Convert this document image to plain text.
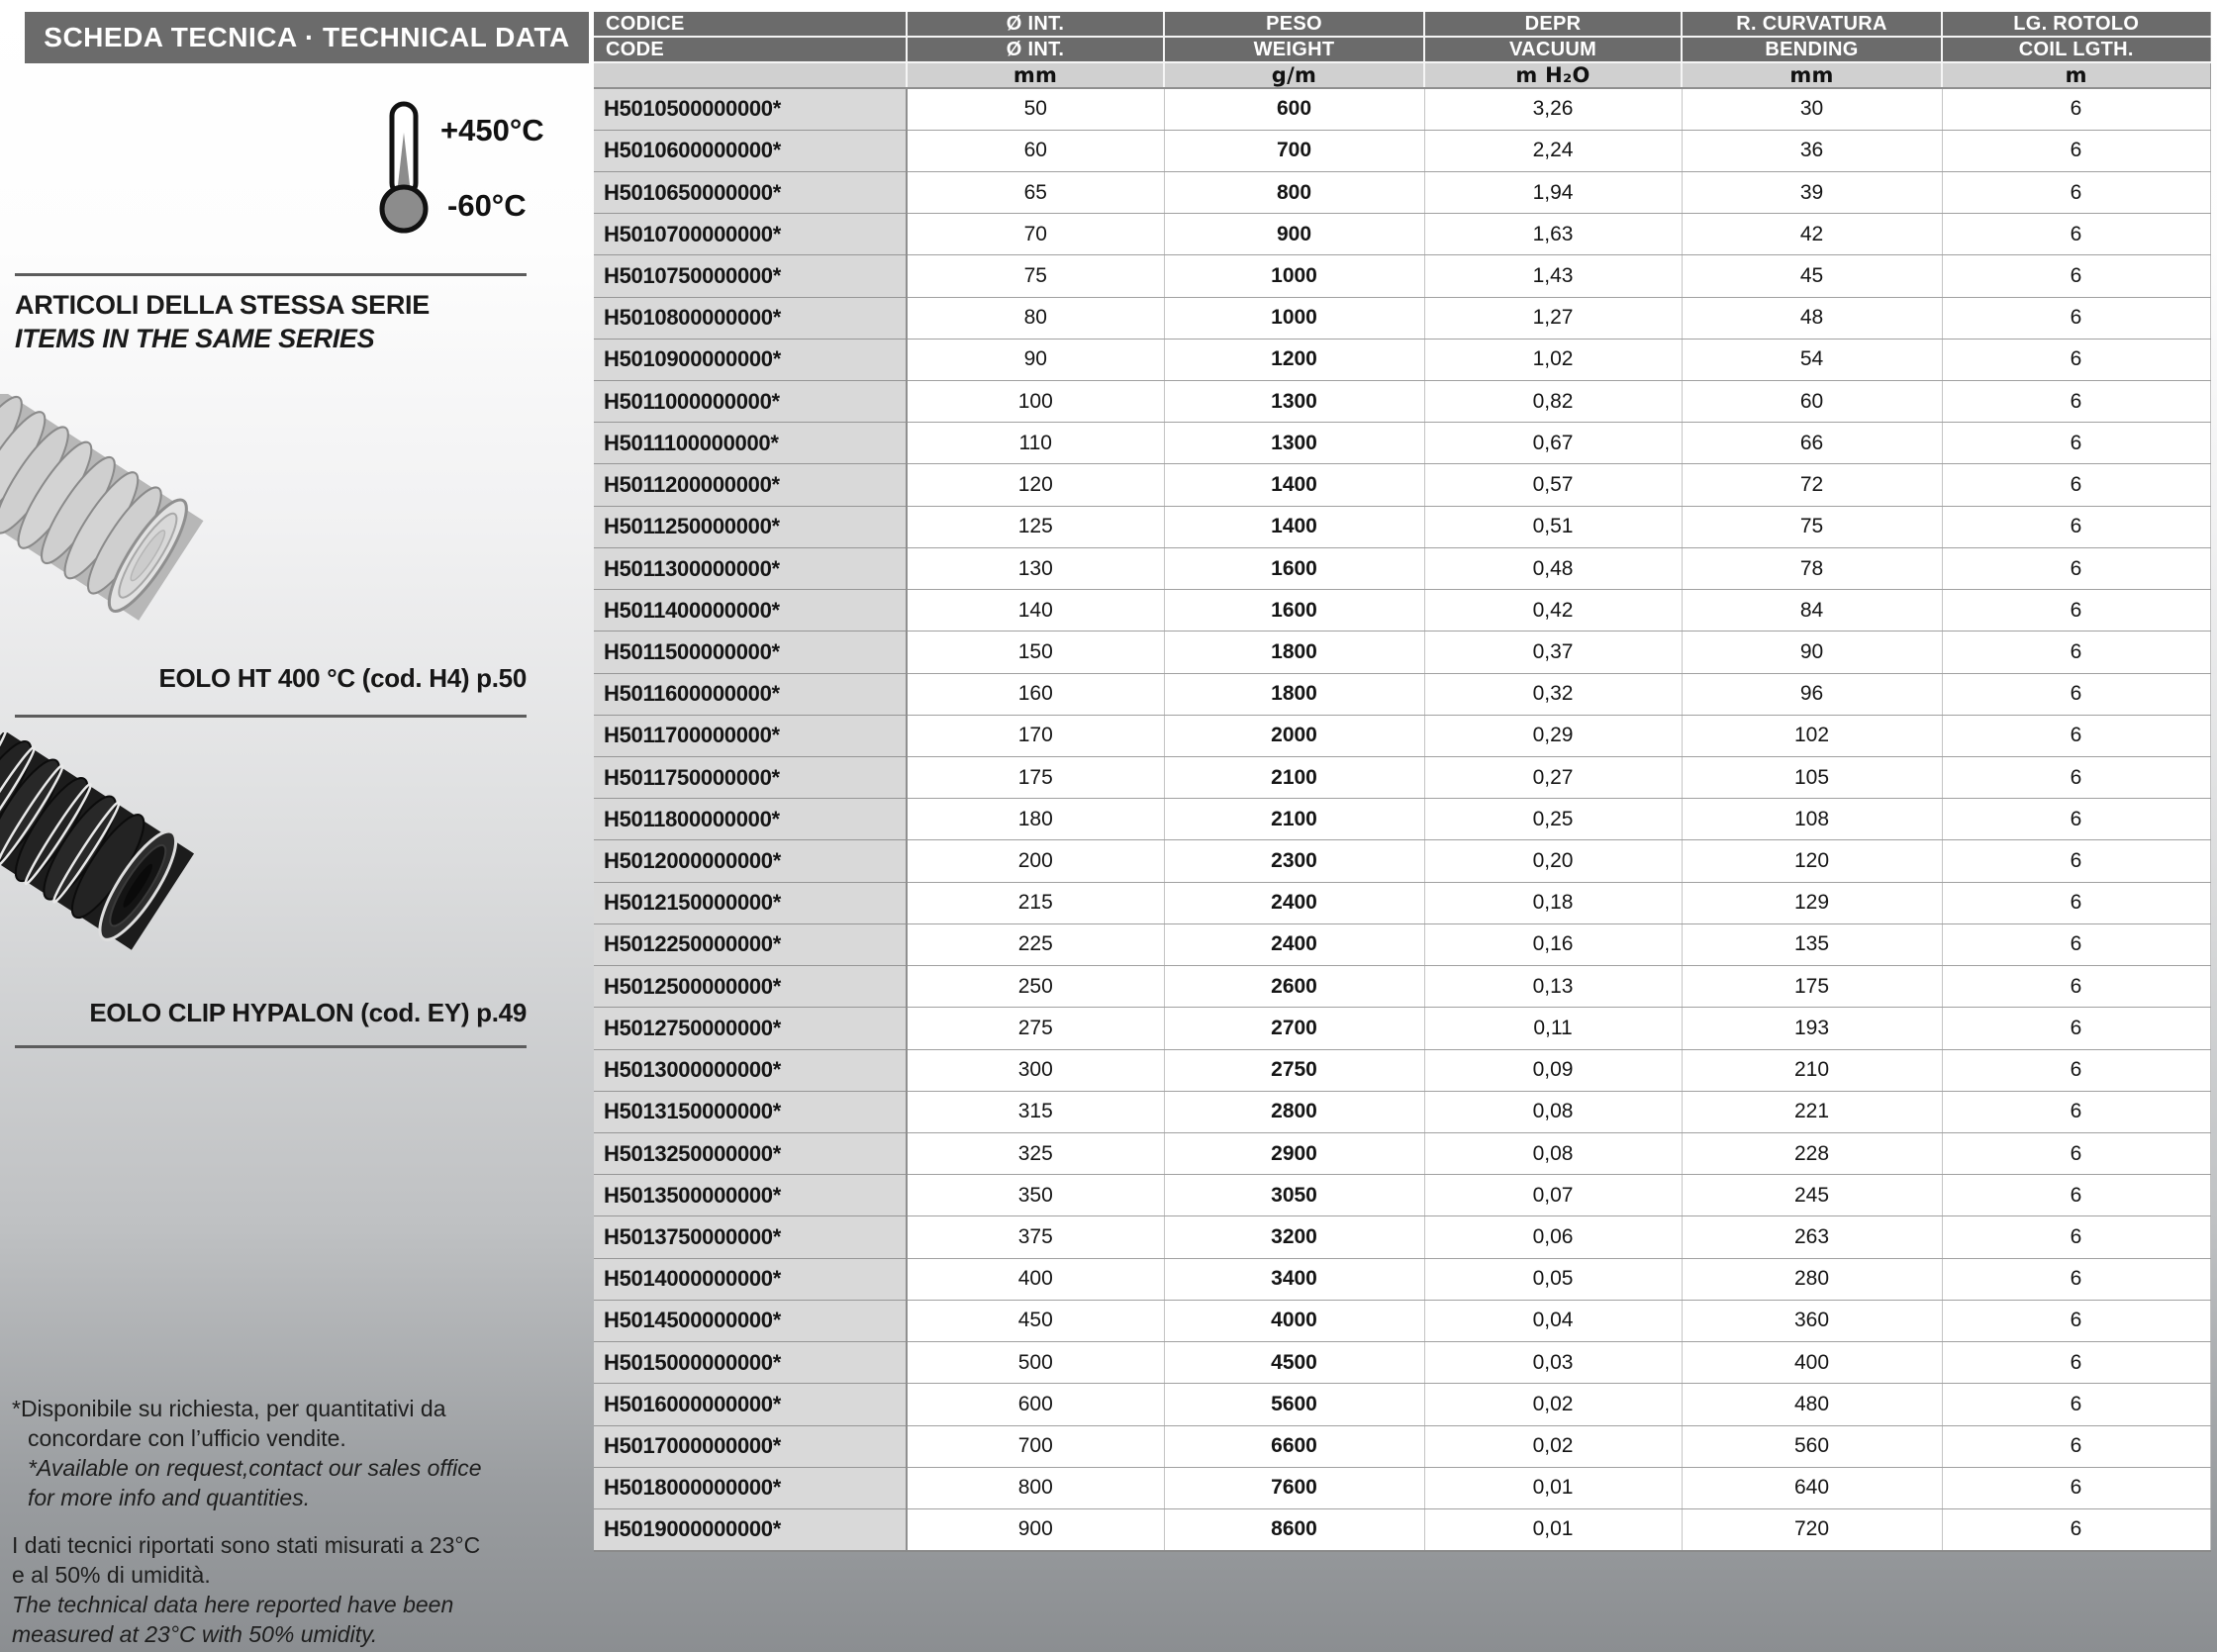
SCHEDA TECNICA · TECHNICAL DATA
+450°C
-60°C
ARTICOLI DELLA STESSA SERIE
ITEMS IN THE SAME SERIES
EOLO HT 400 °C (cod. H4) p.50
EOLO CLIP HYPALON (cod. EY) p.49
*Disponibile su richiesta, per quantitativi da
concordare con l’ufficio vendite.
*Available on request,contact our sales office
for more info and quantities.
I dati tecnici riportati sono stati misurati a 23°C
e al 50% di umidità.
The technical data here reported have been
measured at 23°C with 50% umidity.
CODICE	Ø INT.	PESO	DEPR	R. CURVATURA	LG. ROTOLO
CODE	Ø INT.	WEIGHT	VACUUM	BENDING	COIL LGTH.
	mm	g/m	m H₂O	mm	m
H5010500000000*	50	600	3,26	30	6
H5010600000000*	60	700	2,24	36	6
H5010650000000*	65	800	1,94	39	6
H5010700000000*	70	900	1,63	42	6
H5010750000000*	75	1000	1,43	45	6
H5010800000000*	80	1000	1,27	48	6
H5010900000000*	90	1200	1,02	54	6
H5011000000000*	100	1300	0,82	60	6
H5011100000000*	110	1300	0,67	66	6
H5011200000000*	120	1400	0,57	72	6
H5011250000000*	125	1400	0,51	75	6
H5011300000000*	130	1600	0,48	78	6
H5011400000000*	140	1600	0,42	84	6
H5011500000000*	150	1800	0,37	90	6
H5011600000000*	160	1800	0,32	96	6
H5011700000000*	170	2000	0,29	102	6
H5011750000000*	175	2100	0,27	105	6
H5011800000000*	180	2100	0,25	108	6
H5012000000000*	200	2300	0,20	120	6
H5012150000000*	215	2400	0,18	129	6
H5012250000000*	225	2400	0,16	135	6
H5012500000000*	250	2600	0,13	175	6
H5012750000000*	275	2700	0,11	193	6
H5013000000000*	300	2750	0,09	210	6
H5013150000000*	315	2800	0,08	221	6
H5013250000000*	325	2900	0,08	228	6
H5013500000000*	350	3050	0,07	245	6
H5013750000000*	375	3200	0,06	263	6
H5014000000000*	400	3400	0,05	280	6
H5014500000000*	450	4000	0,04	360	6
H5015000000000*	500	4500	0,03	400	6
H5016000000000*	600	5600	0,02	480	6
H5017000000000*	700	6600	0,02	560	6
H5018000000000*	800	7600	0,01	640	6
H5019000000000*	900	8600	0,01	720	6
